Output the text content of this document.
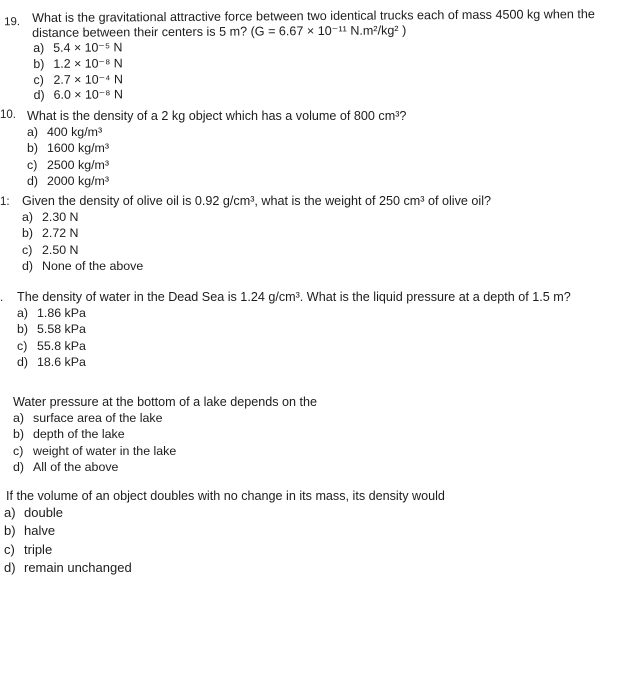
19. What is the gravitational attractive force between two identical trucks each of mass 4500 kg when the
distance between their centers is 5 m? (G = 6.67 × 10⁻¹¹ N.m²/kg² )
a) 5.4 × 10⁻⁵ N
b) 1.2 × 10⁻⁸ N
c) 2.7 × 10⁻⁴ N
d) 6.0 × 10⁻⁸ N
10. What is the density of a 2 kg object which has a volume of 800 cm³?
a) 400 kg/m³
b) 1600 kg/m³
c) 2500 kg/m³
d) 2000 kg/m³
1: Given the density of olive oil is 0.92 g/cm³, what is the weight of 250 cm³ of olive oil?
a) 2.30 N
b) 2.72 N
c) 2.50 N
d) None of the above
. The density of water in the Dead Sea is 1.24 g/cm³. What is the liquid pressure at a depth of 1.5 m?
a) 1.86 kPa
b) 5.58 kPa
c) 55.8 kPa
d) 18.6 kPa
Water pressure at the bottom of a lake depends on the
a) surface area of the lake
b) depth of the lake
c) weight of water in the lake
d) All of the above
If the volume of an object doubles with no change in its mass, its density would
a) double
b) halve
c) triple
d) remain unchanged
